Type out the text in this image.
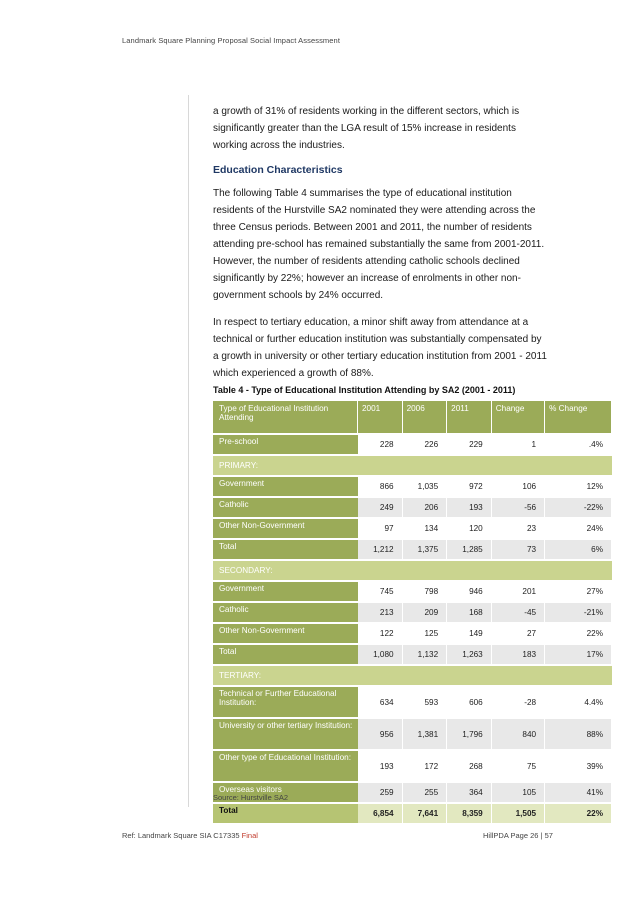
Landmark Square Planning Proposal Social Impact Assessment

a growth of 31% of residents working in the different sectors, which is significantly greater than the LGA result of 15% increase in residents working across the industries.

Education Characteristics

The following Table 4 summarises the type of educational institution residents of the Hurstville SA2 nominated they were attending across the three Census periods. Between 2001 and 2011, the number of residents attending pre-school has remained substantially the same from 2001-2011. However, the number of residents attending catholic schools declined significantly by 22%; however an increase of enrolments in other non-government schools by 24% occurred.

In respect to tertiary education, a minor shift away from attendance at a technical or further education institution was substantially compensated by a growth in university or other tertiary education institution from 2001 - 2011 which experienced a growth of 88%.

Table 4 - Type of Educational Institution Attending by SA2 (2001 - 2011)
Type of Educational Institution Attending	2001	2006	2011	Change	% Change
Pre-school	228	226	229	1	.4%
PRIMARY:					
Government	866	1,035	972	106	12%
Catholic	249	206	193	-56	-22%
Other Non-Government	97	134	120	23	24%
Total	1,212	1,375	1,285	73	6%
SECONDARY:					
Government	745	798	946	201	27%
Catholic	213	209	168	-45	-21%
Other Non-Government	122	125	149	27	22%
Total	1,080	1,132	1,263	183	17%
TERTIARY:					
Technical or Further Educational Institution:	634	593	606	-28	4.4%
University or other tertiary Institution:	956	1,381	1,796	840	88%
Other type of Educational Institution:	193	172	268	75	39%
Overseas visitors	259	255	364	105	41%
Total	6,854	7,641	8,359	1,505	22%
Source: Hurstville SA2
Ref: Landmark Square SIA C17335 Final	HillPDA Page 26 | 57
